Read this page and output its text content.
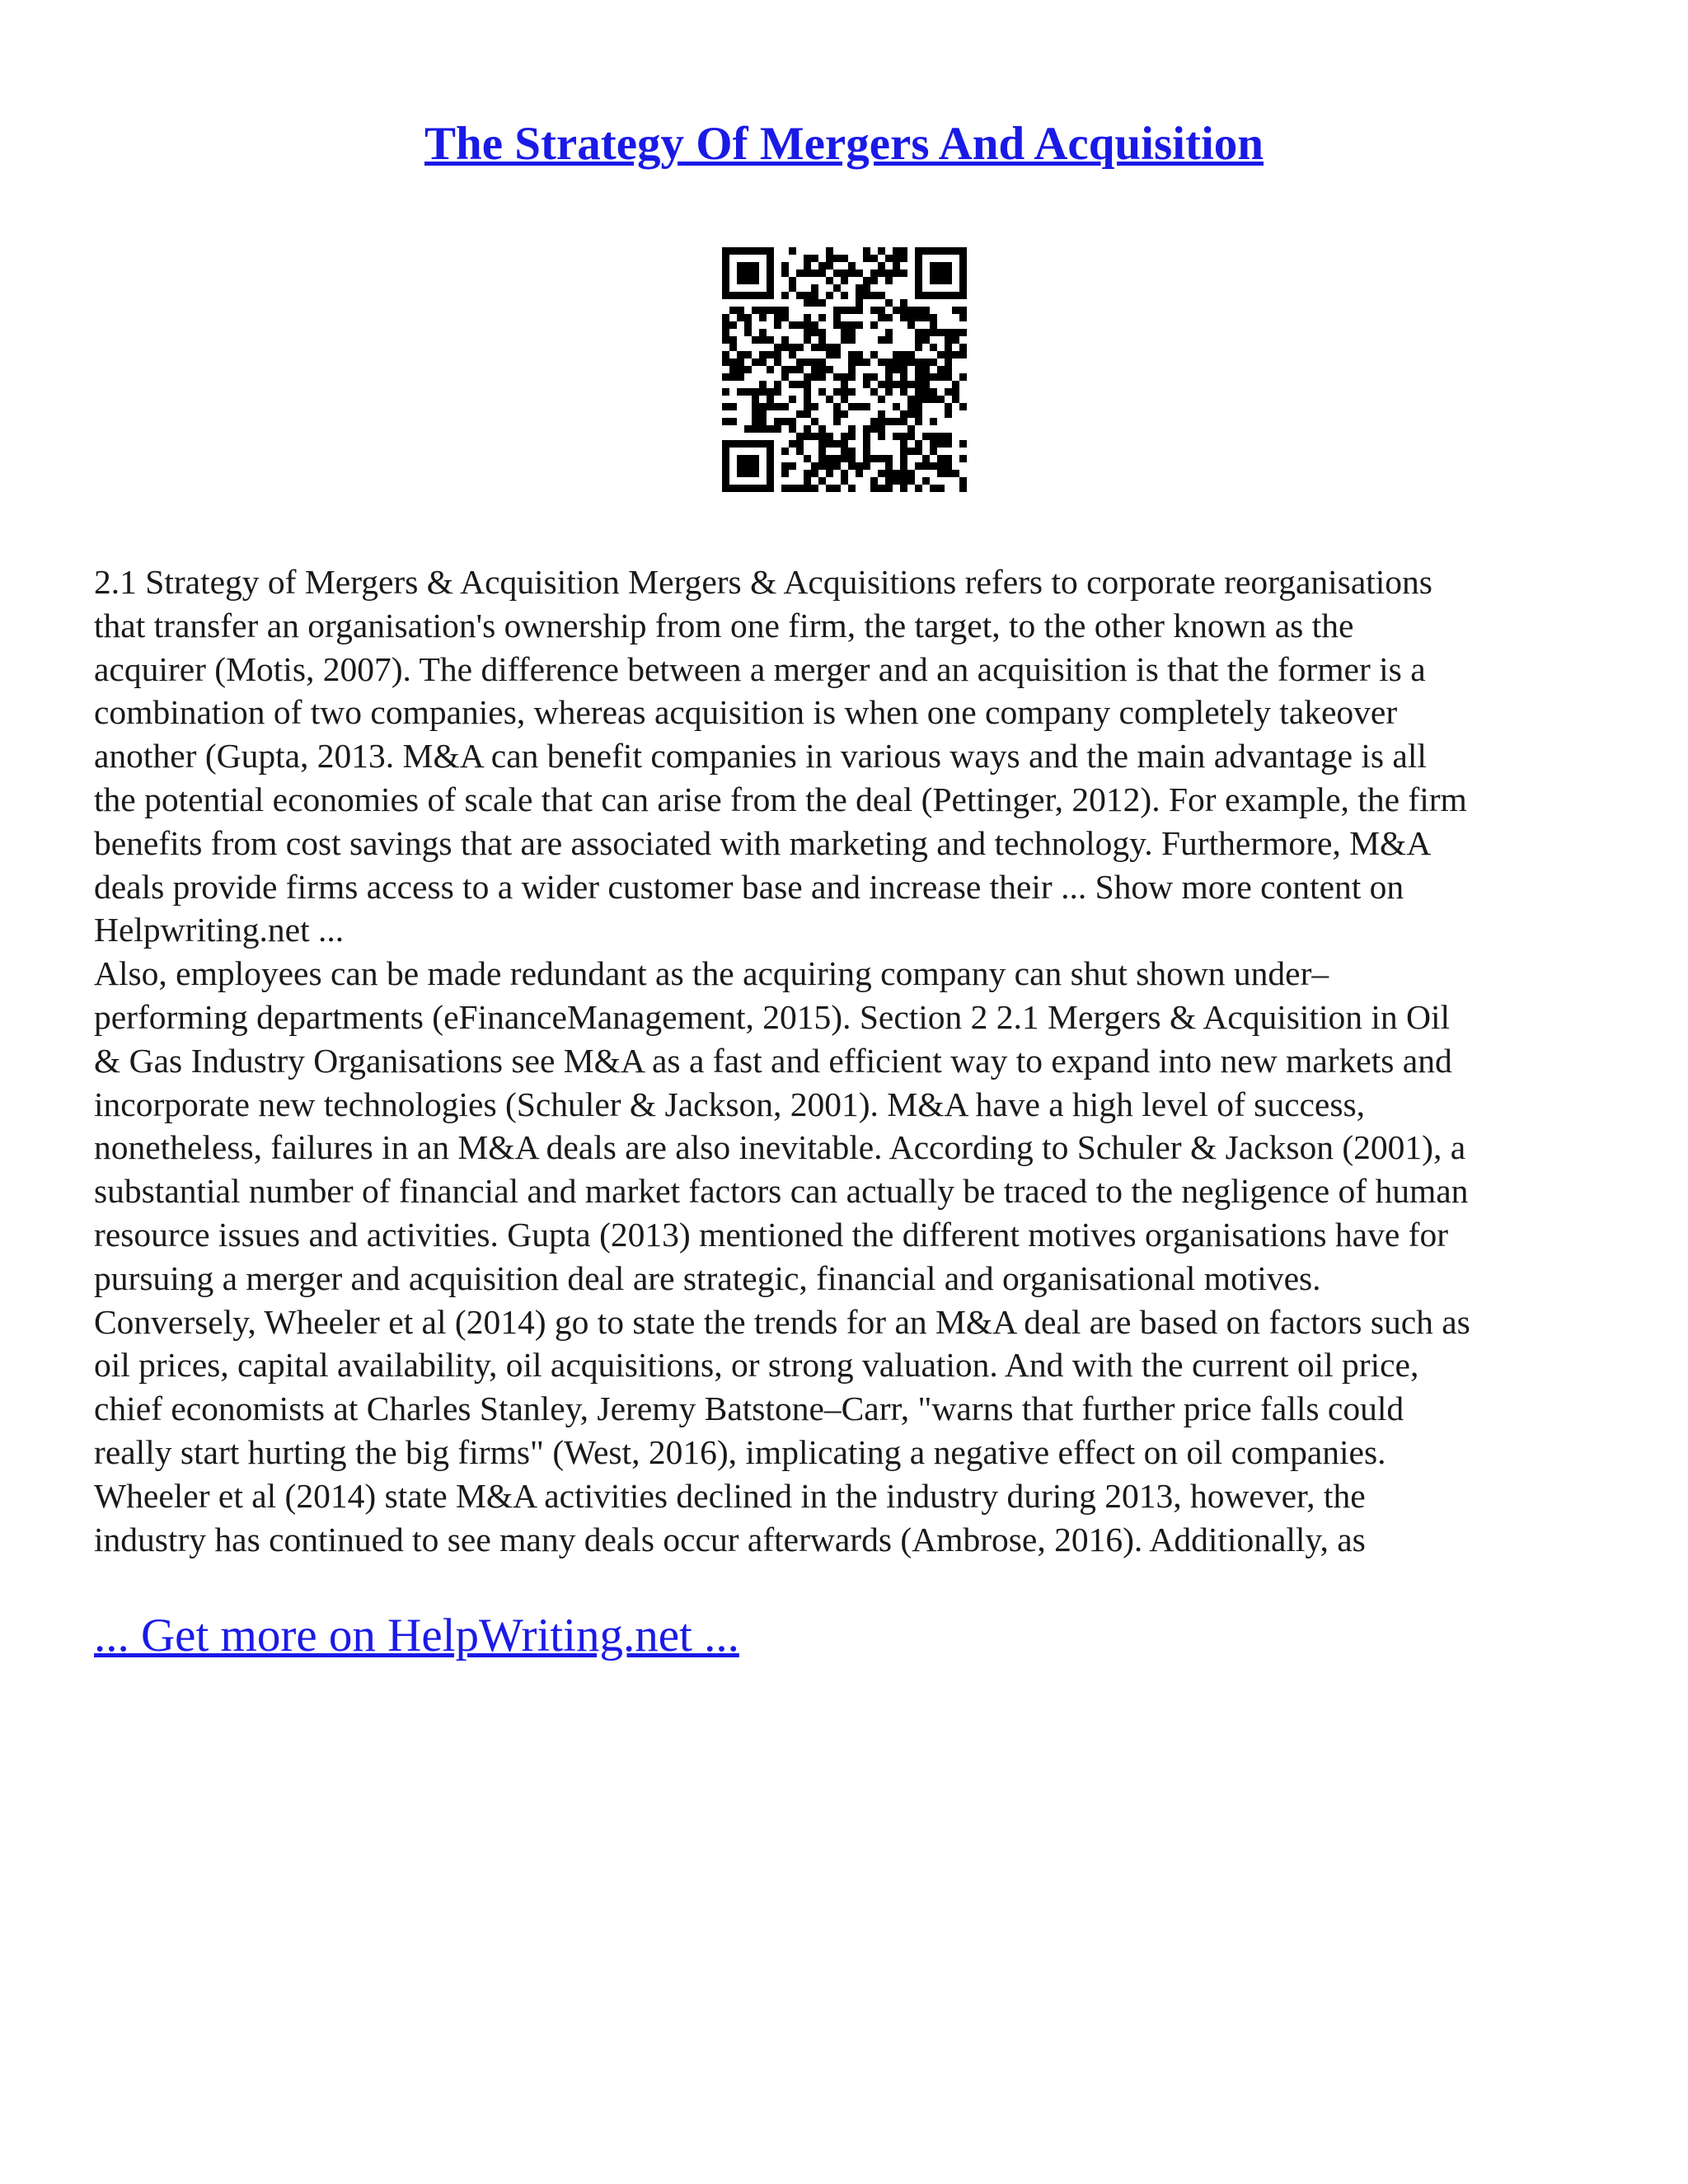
The Strategy Of Mergers And Acquisition
2.1 Strategy of Mergers & Acquisition Mergers & Acquisitions refers to corporate reorganisations
that transfer an organisation's ownership from one firm, the target, to the other known as the
acquirer (Motis, 2007). The difference between a merger and an acquisition is that the former is a
combination of two companies, whereas acquisition is when one company completely takeover
another (Gupta, 2013. M&A can benefit companies in various ways and the main advantage is all
the potential economies of scale that can arise from the deal (Pettinger, 2012). For example, the firm
benefits from cost savings that are associated with marketing and technology. Furthermore, M&A
deals provide firms access to a wider customer base and increase their ... Show more content on
Helpwriting.net ...
Also, employees can be made redundant as the acquiring company can shut shown under–
performing departments (eFinanceManagement, 2015). Section 2 2.1 Mergers & Acquisition in Oil
& Gas Industry Organisations see M&A as a fast and efficient way to expand into new markets and
incorporate new technologies (Schuler & Jackson, 2001). M&A have a high level of success,
nonetheless, failures in an M&A deals are also inevitable. According to Schuler & Jackson (2001), a
substantial number of financial and market factors can actually be traced to the negligence of human
resource issues and activities. Gupta (2013) mentioned the different motives organisations have for
pursuing a merger and acquisition deal are strategic, financial and organisational motives.
Conversely, Wheeler et al (2014) go to state the trends for an M&A deal are based on factors such as
oil prices, capital availability, oil acquisitions, or strong valuation. And with the current oil price,
chief economists at Charles Stanley, Jeremy Batstone–Carr, "warns that further price falls could
really start hurting the big firms" (West, 2016), implicating a negative effect on oil companies.
Wheeler et al (2014) state M&A activities declined in the industry during 2013, however, the
industry has continued to see many deals occur afterwards (Ambrose, 2016). Additionally, as
... Get more on HelpWriting.net ...
